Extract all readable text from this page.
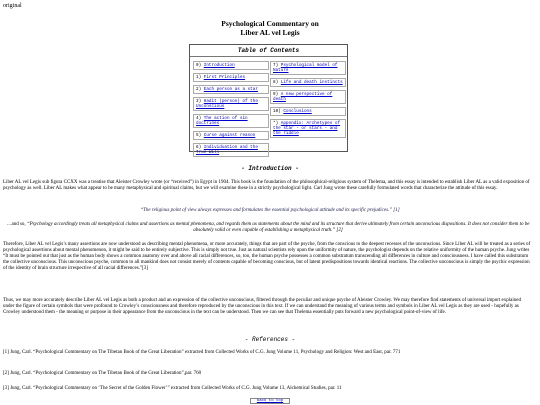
original
Psychological Commentary on
Liber AL vel Legis
Table of Contents
0) Introduction
1) First Principles
2) Each person as a star
3) Hadit (person) of the Unconscious
4) The action of sin doctrines
5) Curse against reason
6) Individuation and the True Will
7) Psychological model of Nature
8) Life and death instincts
9) A new perspective of death
10) Conclusions
*) Appendix: Archetypes of the star - or stars - and the riddle
- Introduction -
Liber AL vel Legis sub figura CCXX was a treatise that Aleister Crowley wrote (or “received”) in Egypt in 1904. This book is the foundation of the philosophical-religious system of Thelema, and this essay is intended to establish Liber AL as a valid exposition of psychology as well. Liber AL makes what appear to be many metaphysical and spiritual claims, but we will examine these in a strictly psychological light. Carl Jung wrote these carefully formulated words that characterize the attitude of this essay.
“The religious point of view always expresses and formulates the essential psychological attitude and its specific prejudices.” [1]
…and so, “Psychology accordingly treats all metaphysical claims and assertions as mental phenomena, and regards them as statements about the mind and its structure that derive ultimately from certain unconscious dispositions. It does not consider them to be absolutely valid or even capable of establishing a metaphysical truth.” [2]
Therefore, Liber AL vel Legis’s many assertions are now understood as describing mental phenomena, or more accurately, things that are part of the psyche, from the conscious to the deepest recesses of the unconscious. Since Liber AL will be treated as a series of psychological assertions about mental phenomenon, it might be said to be entirely subjective. This is simply not true. Just as natural scientists rely upon the uniformity of nature, the psychologist depends on the relative uniformity of the human psyche. Jung writes “It must be pointed out that just as the human body shows a common anatomy over and above all racial differences, so, too, the human psyche possesses a common substratum transcending all differences in culture and consciousness. I have called this substratum the collective unconscious. This unconscious psyche, common to all mankind does not consist merely of contents capable of becoming conscious, but of latent predispositions towards identical reactions. The collective unconscious is simply the psychic expression of the identity of brain structure irrespective of all racial differences.”[3]
Thus, we may more accurately describe Liber AL vel Legis as both a product and an expression of the collective unconscious, filtered through the peculiar and unique psyche of Aleister Crowley. We may therefore find statements of universal import explained under the figure of certain symbols that were profound to Crowley’s consciousness and therefore reproduced by the unconscious in this text. If we can understand the meaning of various terms and symbols in Liber AL vel Legis as they are used - hopefully as Crowley understood them - the meaning or purpose in their appearance from the unconscious in the text can be understood. Then we can see that Thelema essentially puts forward a new psychological point-of-view of life.
- References -
[1] Jung, Carl. “Psychological Commentary on The Tibetan Book of the Great Liberation” extracted from Collected Works of C.G. Jung Volume 11, Psychology and Religion: West and East, par. 771
[2] Jung, Carl. “Psychological Commentary on The Tibetan Book of the Great Liberation”,par. 760
[3] Jung, Carl. “Psychological Commentary on ‘The Secret of the Golden Flower’” extracted from Collected Works of C.G. Jung Volume 13, Alchemical Studies, par. 11
back to top
